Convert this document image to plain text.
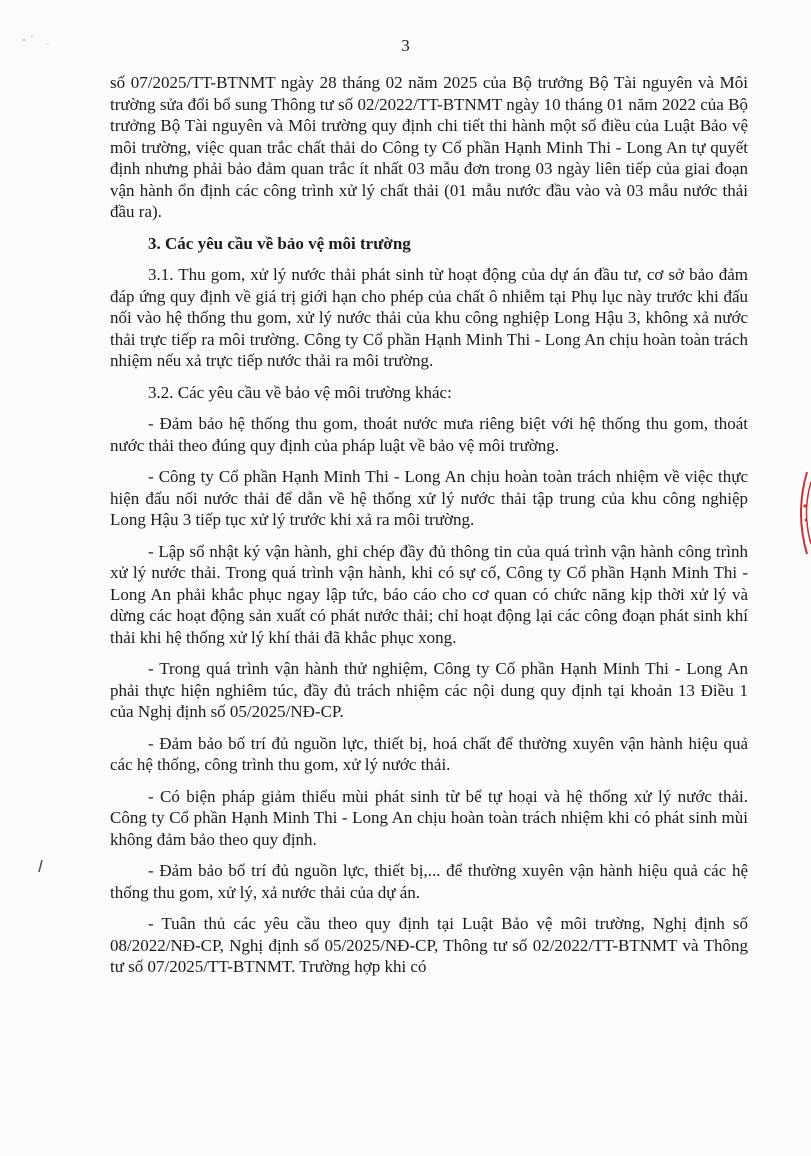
3

số 07/2025/TT-BTNMT ngày 28 tháng 02 năm 2025 của Bộ trưởng Bộ Tài nguyên và Môi trường sửa đổi bổ sung Thông tư số 02/2022/TT-BTNMT ngày 10 tháng 01 năm 2022 của Bộ trưởng Bộ Tài nguyên và Môi trường quy định chi tiết thi hành một số điều của Luật Bảo vệ môi trường, việc quan trắc chất thải do Công ty Cổ phần Hạnh Minh Thi - Long An tự quyết định nhưng phải bảo đảm quan trắc ít nhất 03 mẫu đơn trong 03 ngày liên tiếp của giai đoạn vận hành ổn định các công trình xử lý chất thải (01 mẫu nước đầu vào và 03 mẫu nước thải đầu ra).

3. Các yêu cầu về bảo vệ môi trường

3.1. Thu gom, xử lý nước thải phát sinh từ hoạt động của dự án đầu tư, cơ sở bảo đảm đáp ứng quy định về giá trị giới hạn cho phép của chất ô nhiễm tại Phụ lục này trước khi đấu nối vào hệ thống thu gom, xử lý nước thải của khu công nghiệp Long Hậu 3, không xả nước thải trực tiếp ra môi trường. Công ty Cổ phần Hạnh Minh Thi - Long An chịu hoàn toàn trách nhiệm nếu xả trực tiếp nước thải ra môi trường.

3.2. Các yêu cầu về bảo vệ môi trường khác:

- Đảm bảo hệ thống thu gom, thoát nước mưa riêng biệt với hệ thống thu gom, thoát nước thải theo đúng quy định của pháp luật về bảo vệ môi trường.

- Công ty Cổ phần Hạnh Minh Thi - Long An chịu hoàn toàn trách nhiệm về việc thực hiện đấu nối nước thải để dẫn về hệ thống xử lý nước thải tập trung của khu công nghiệp Long Hậu 3 tiếp tục xử lý trước khi xả ra môi trường.

- Lập sổ nhật ký vận hành, ghi chép đầy đủ thông tin của quá trình vận hành công trình xử lý nước thải. Trong quá trình vận hành, khi có sự cố, Công ty Cổ phần Hạnh Minh Thi - Long An phải khắc phục ngay lập tức, báo cáo cho cơ quan có chức năng kịp thời xử lý và dừng các hoạt động sản xuất có phát nước thải; chỉ hoạt động lại các công đoạn phát sinh khí thải khi hệ thống xử lý khí thải đã khắc phục xong.

- Trong quá trình vận hành thử nghiệm, Công ty Cổ phần Hạnh Minh Thi - Long An phải thực hiện nghiêm túc, đầy đủ trách nhiệm các nội dung quy định tại khoản 13 Điều 1 của Nghị định số 05/2025/NĐ-CP.

- Đảm bảo bố trí đủ nguồn lực, thiết bị, hoá chất để thường xuyên vận hành hiệu quả các hệ thống, công trình thu gom, xử lý nước thải.

- Có biện pháp giảm thiểu mùi phát sinh từ bể tự hoại và hệ thống xử lý nước thải. Công ty Cổ phần Hạnh Minh Thi - Long An chịu hoàn toàn trách nhiệm khi có phát sinh mùi không đảm bảo theo quy định.

- Đảm bảo bố trí đủ nguồn lực, thiết bị,... để thường xuyên vận hành hiệu quả các hệ thống thu gom, xử lý, xả nước thải của dự án.

- Tuân thủ các yêu cầu theo quy định tại Luật Bảo vệ môi trường, Nghị định số 08/2022/NĐ-CP, Nghị định số 05/2025/NĐ-CP, Thông tư số 02/2022/TT-BTNMT và Thông tư số 07/2025/TT-BTNMT. Trường hợp khi có
